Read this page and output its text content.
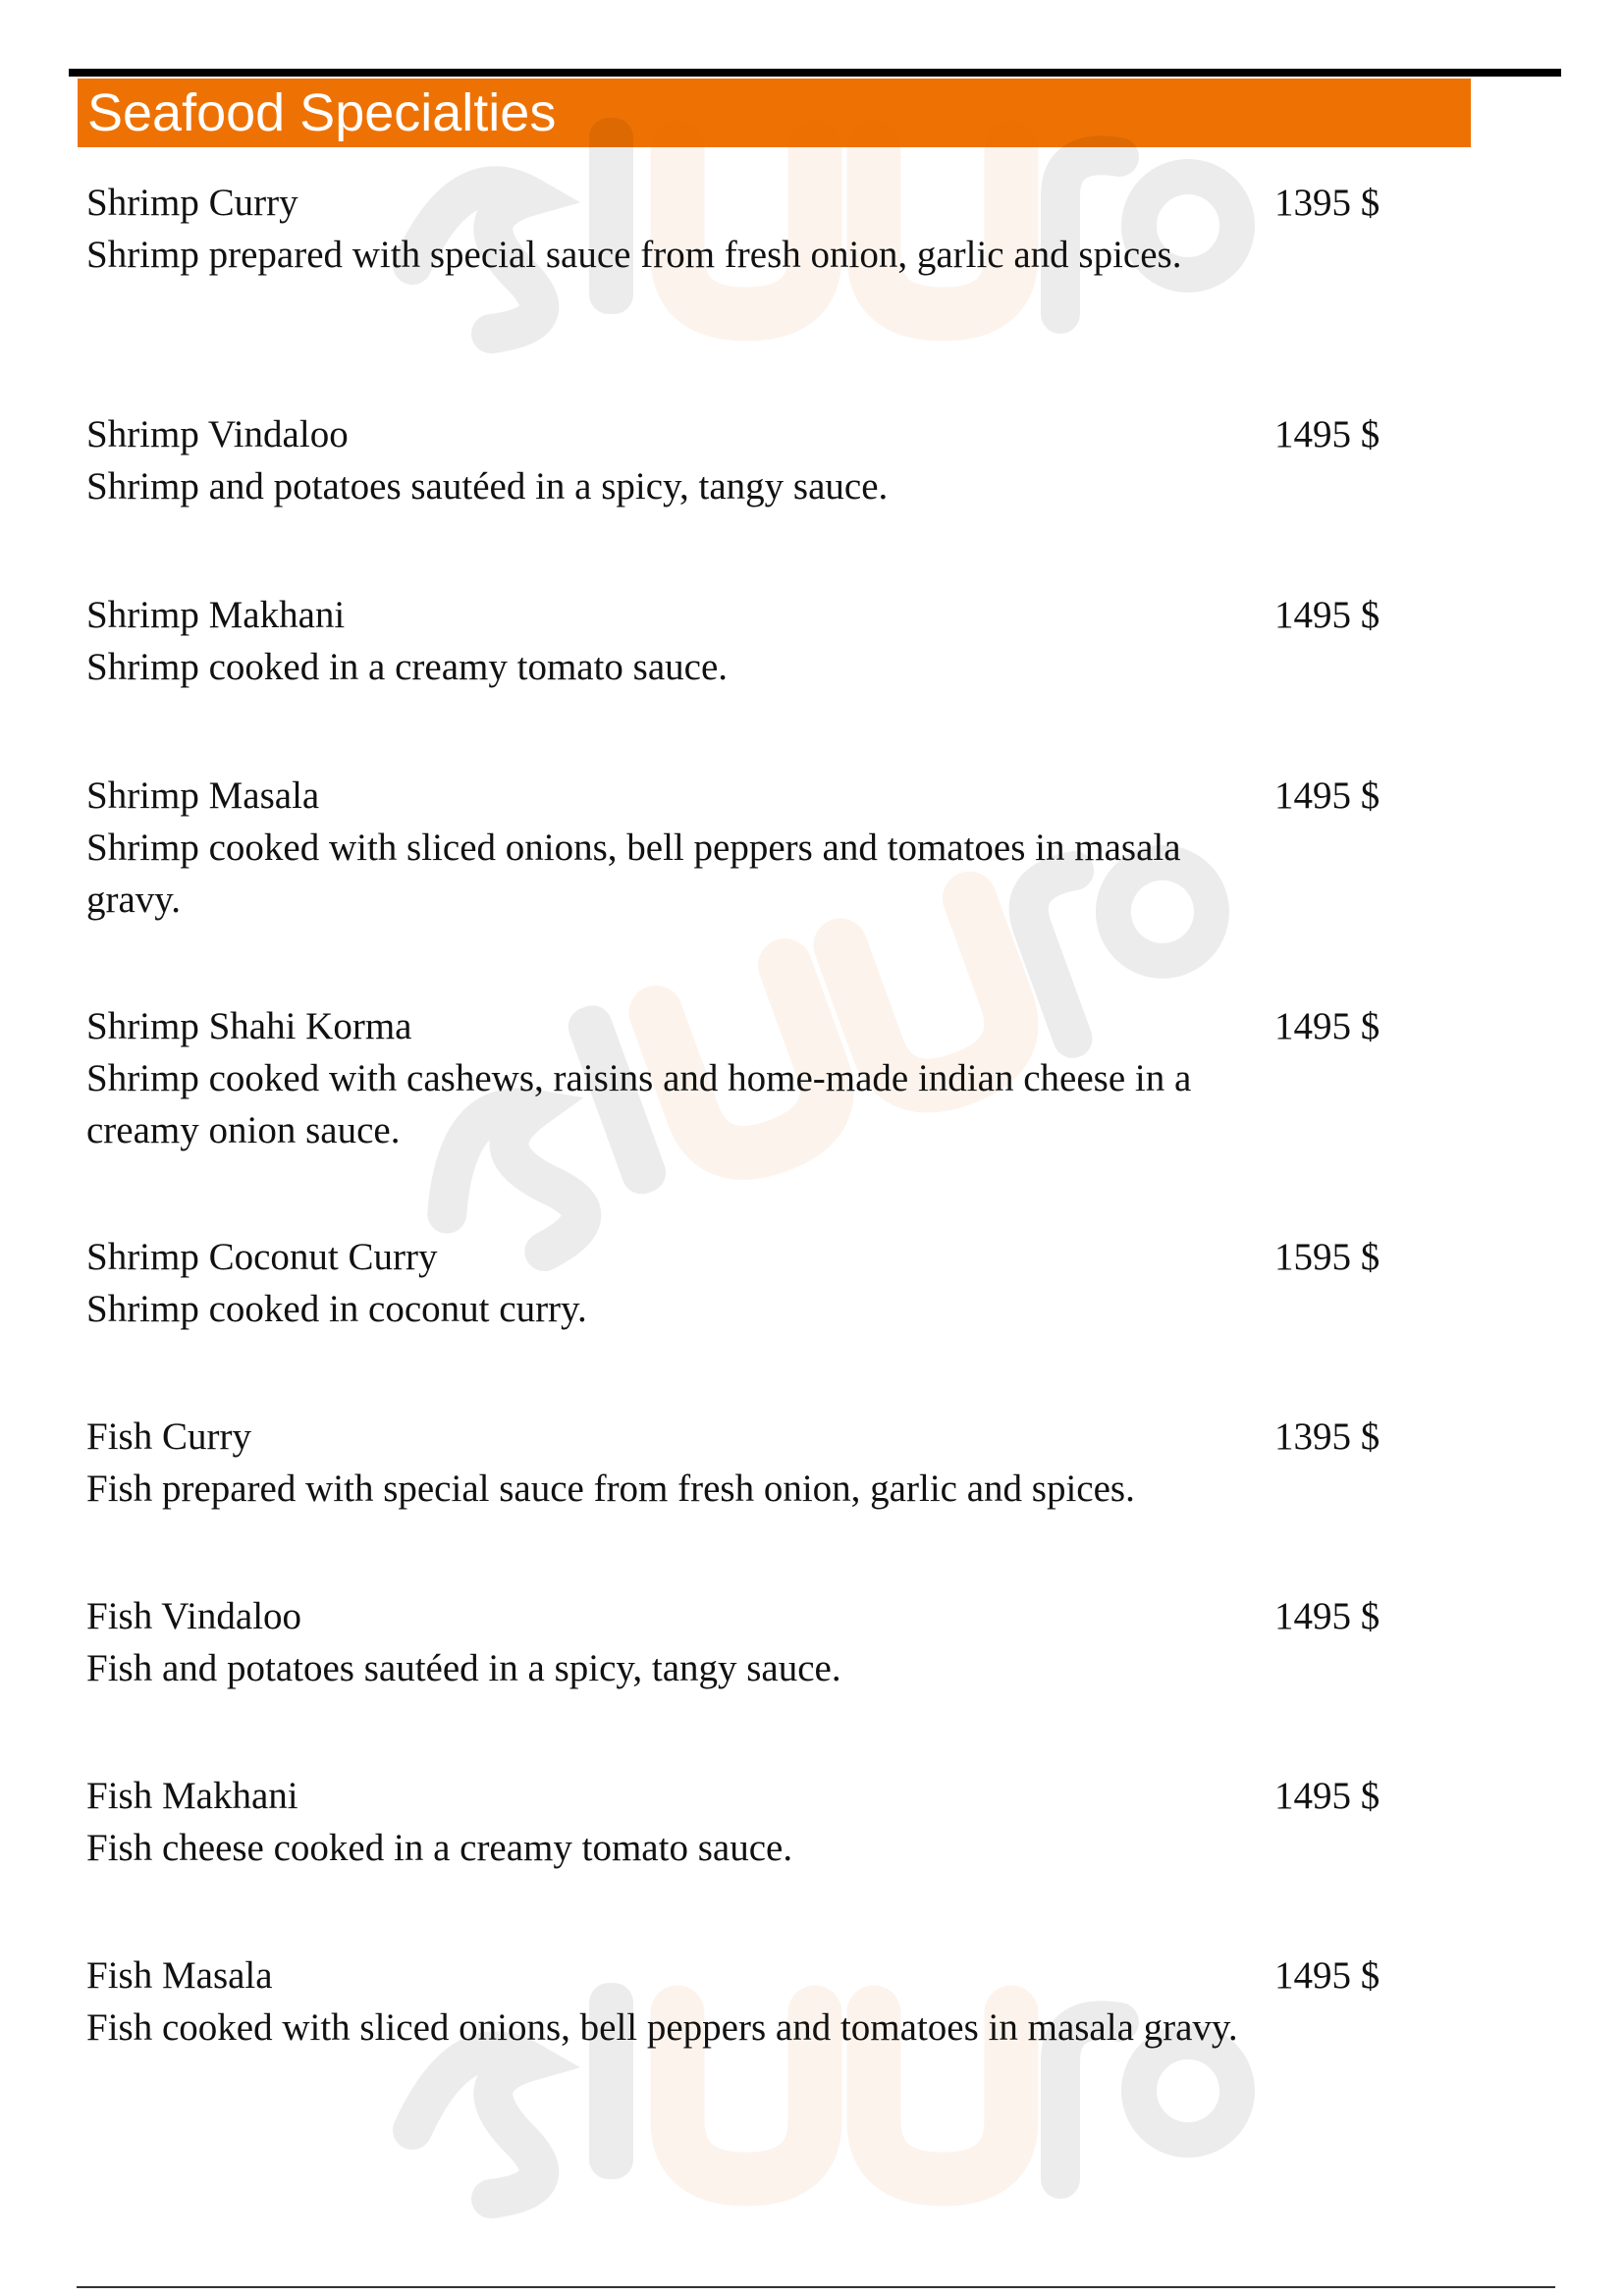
Seafood Specialties
Shrimp Curry
Shrimp prepared with special sauce from fresh onion, garlic and spices.
1395 $
Shrimp Vindaloo
Shrimp and potatoes sautéed in a spicy, tangy sauce.
1495 $
Shrimp Makhani
Shrimp cooked in a creamy tomato sauce.
1495 $
Shrimp Masala
Shrimp cooked with sliced onions, bell peppers and tomatoes in masala gravy.
1495 $
Shrimp Shahi Korma
Shrimp cooked with cashews, raisins and home-made indian cheese in a creamy onion sauce.
1495 $
Shrimp Coconut Curry
Shrimp cooked in coconut curry.
1595 $
Fish Curry
Fish prepared with special sauce from fresh onion, garlic and spices.
1395 $
Fish Vindaloo
Fish and potatoes sautéed in a spicy, tangy sauce.
1495 $
Fish Makhani
Fish cheese cooked in a creamy tomato sauce.
1495 $
Fish Masala
Fish cooked with sliced onions, bell peppers and tomatoes in masala gravy.
1495 $
